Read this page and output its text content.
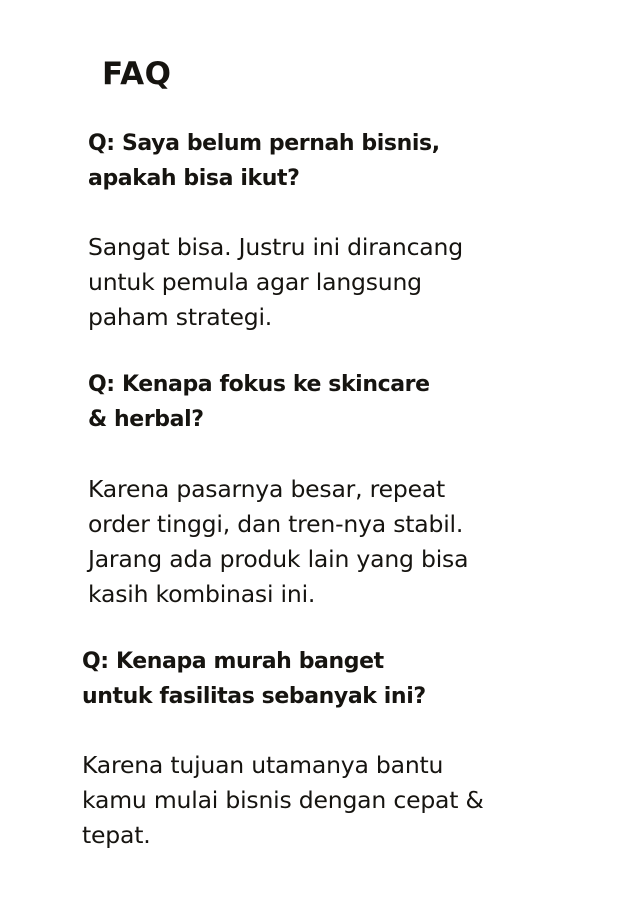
FAQ

Q: Saya belum pernah bisnis,
apakah bisa ikut?

Sangat bisa. Justru ini dirancang
untuk pemula agar langsung
paham strategi.

Q: Kenapa fokus ke skincare
& herbal?

Karena pasarnya besar, repeat
order tinggi, dan tren-nya stabil.
Jarang ada produk lain yang bisa
kasih kombinasi ini.

Q: Kenapa murah banget
untuk fasilitas sebanyak ini?

Karena tujuan utamanya bantu
kamu mulai bisnis dengan cepat &
tepat.
